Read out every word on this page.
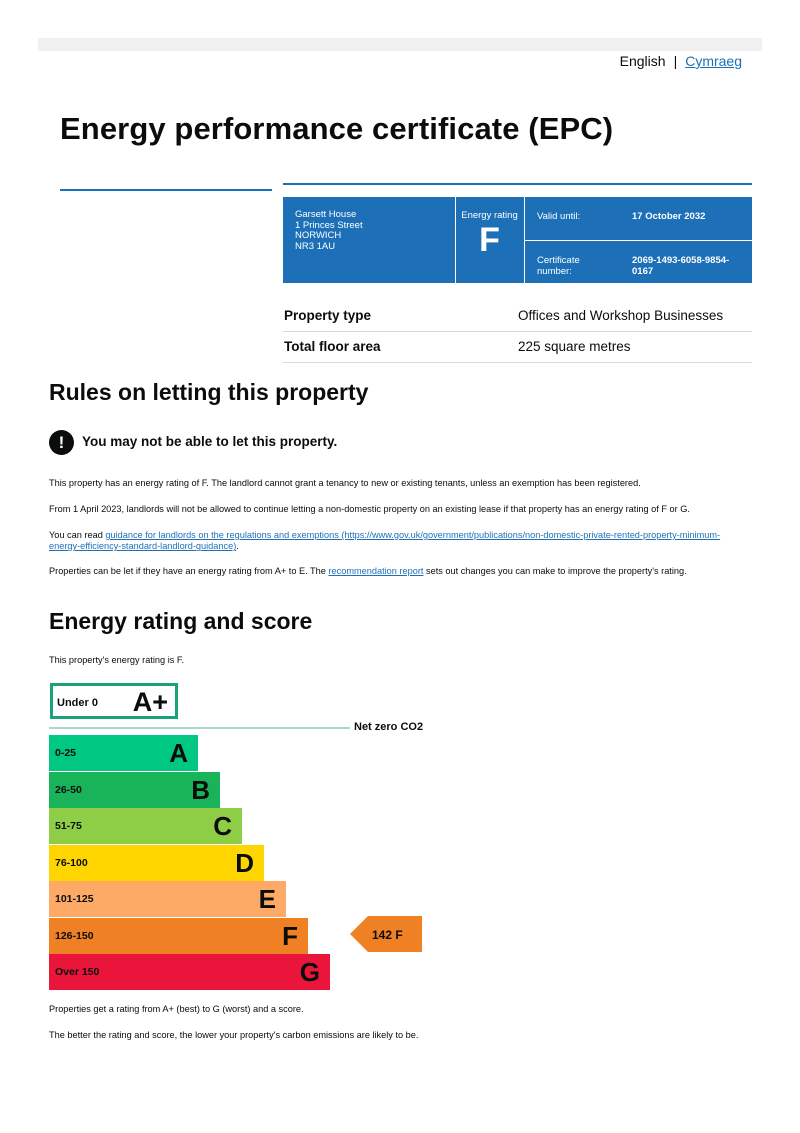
English | Cymraeg
Energy performance certificate (EPC)
Garsett House
1 Princes Street
NORWICH
NR3 1AU
Energy rating
F
Valid until:	17 October 2032
Certificate number:
2069-1493-6058-9854-0167
Property type	Offices and Workshop Businesses
Total floor area	225 square metres
Rules on letting this property
!	You may not be able to let this property.

This property has an energy rating of F. The landlord cannot grant a tenancy to new or existing tenants, unless an exemption has been registered.

From 1 April 2023, landlords will not be allowed to continue letting a non-domestic property on an existing lease if that property has an energy rating of F or G.

You can read guidance for landlords on the regulations and exemptions (https://www.gov.uk/government/publications/non-domestic-private-rented-property-minimum-energy-efficiency-standard-landlord-guidance).

Properties can be let if they have an energy rating from A+ to E. The recommendation report sets out changes you can make to improve the property's rating.

Energy rating and score

This property's energy rating is F.

Under 0 A+
Net zero CO2
0-25	A
26-50	B
51-75	C
76-100	D
101-125	E
126-150	F
Over 150	G
142 F

Properties get a rating from A+ (best) to G (worst) and a score.

The better the rating and score, the lower your property's carbon emissions are likely to be.
